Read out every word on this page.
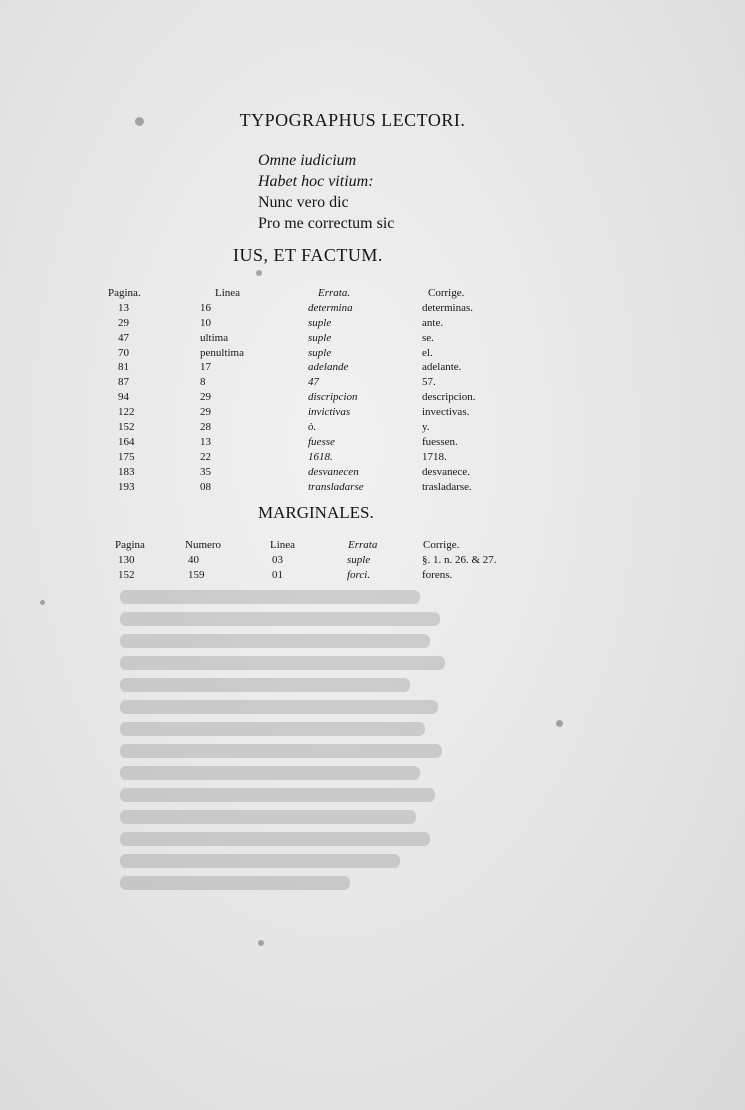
TYPOGRAPHUS LECTORI.
Omne iudicium
Habet hoc vitium:
Nunc vero dic
Pro me correctum sic
IUS, ET FACTUM.
Pagina.	Linea	Errata.	Corrige.
13	16	determina	determinas.
29	10	suple	ante.
47	ultima	suple	se.
70	penultima	suple	el.
81	17	adelande	adelante.
87	8	47	57.
94	29	discripcion	descripcion.
122	29	invictivas	invectivas.
152	28	ò.	y.
164	13	fuesse	fuessen.
175	22	1618.	1718.
183	35	desvanecen	desvanece.
193	08	transladarse	trasladarse.
MARGINALES.
Pagina	Numero	Linea	Errata	Corrige.
130	40	03	suple	§. 1. n. 26. & 27.
152	159	01	forci.	forens.
